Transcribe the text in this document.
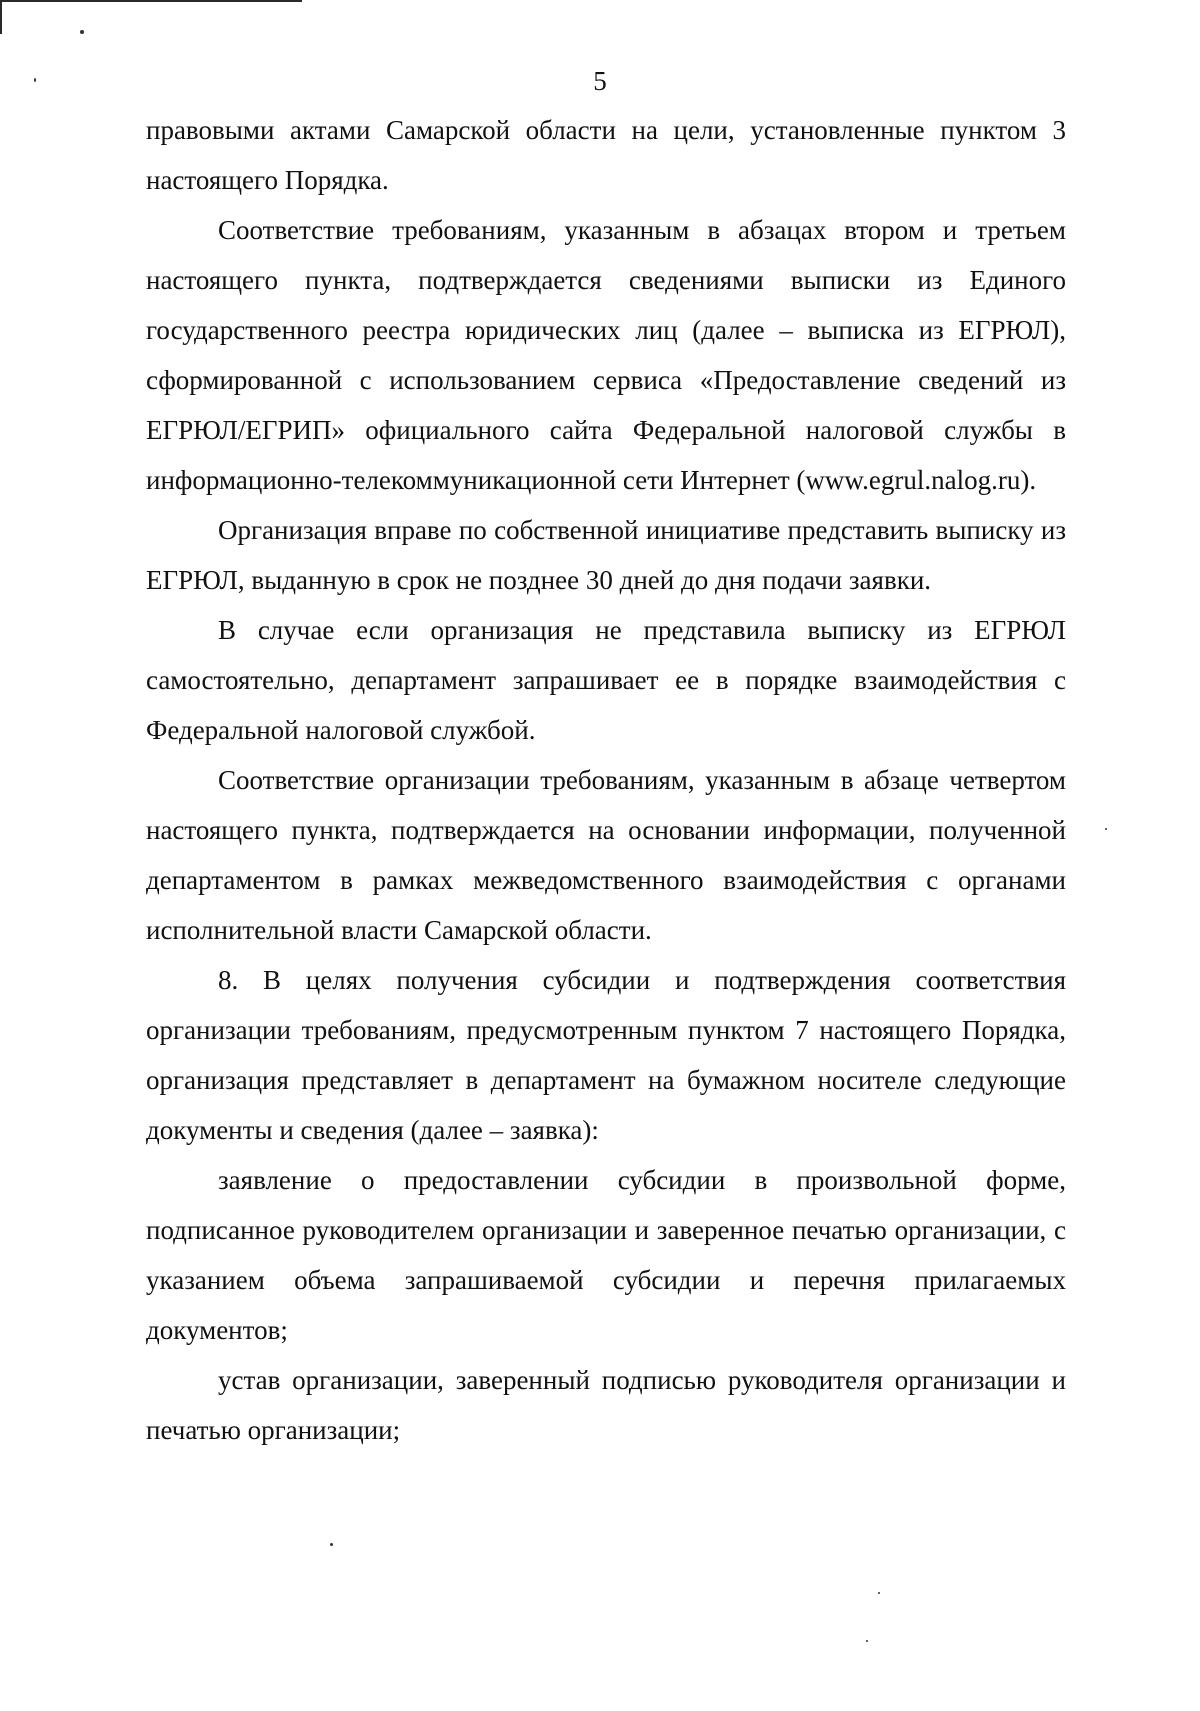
5

правовыми актами Самарской области на цели, установленные пунктом 3 настоящего Порядка.

Соответствие требованиям, указанным в абзацах втором и третьем настоящего пункта, подтверждается сведениями выписки из Единого государственного реестра юридических лиц (далее – выписка из ЕГРЮЛ), сформированной с использованием сервиса «Предоставление сведений из ЕГРЮЛ/ЕГРИП» официального сайта Федеральной налоговой службы в информационно-телекоммуникационной сети Интернет (www.egrul.nalog.ru).

Организация вправе по собственной инициативе представить выписку из ЕГРЮЛ, выданную в срок не позднее 30 дней до дня подачи заявки.

В случае если организация не представила выписку из ЕГРЮЛ самостоятельно, департамент запрашивает ее в порядке взаимодействия с Федеральной налоговой службой.

Соответствие организации требованиям, указанным в абзаце четвертом настоящего пункта, подтверждается на основании информации, полученной департаментом в рамках межведомственного взаимодействия с органами исполнительной власти Самарской области.

8. В целях получения субсидии и подтверждения соответствия организации требованиям, предусмотренным пунктом 7 настоящего Порядка, организация представляет в департамент на бумажном носителе следующие документы и сведения (далее – заявка):

заявление о предоставлении субсидии в произвольной форме, подписанное руководителем организации и заверенное печатью организации, с указанием объема запрашиваемой субсидии и перечня прилагаемых документов;

устав организации, заверенный подписью руководителя организации и печатью организации;
